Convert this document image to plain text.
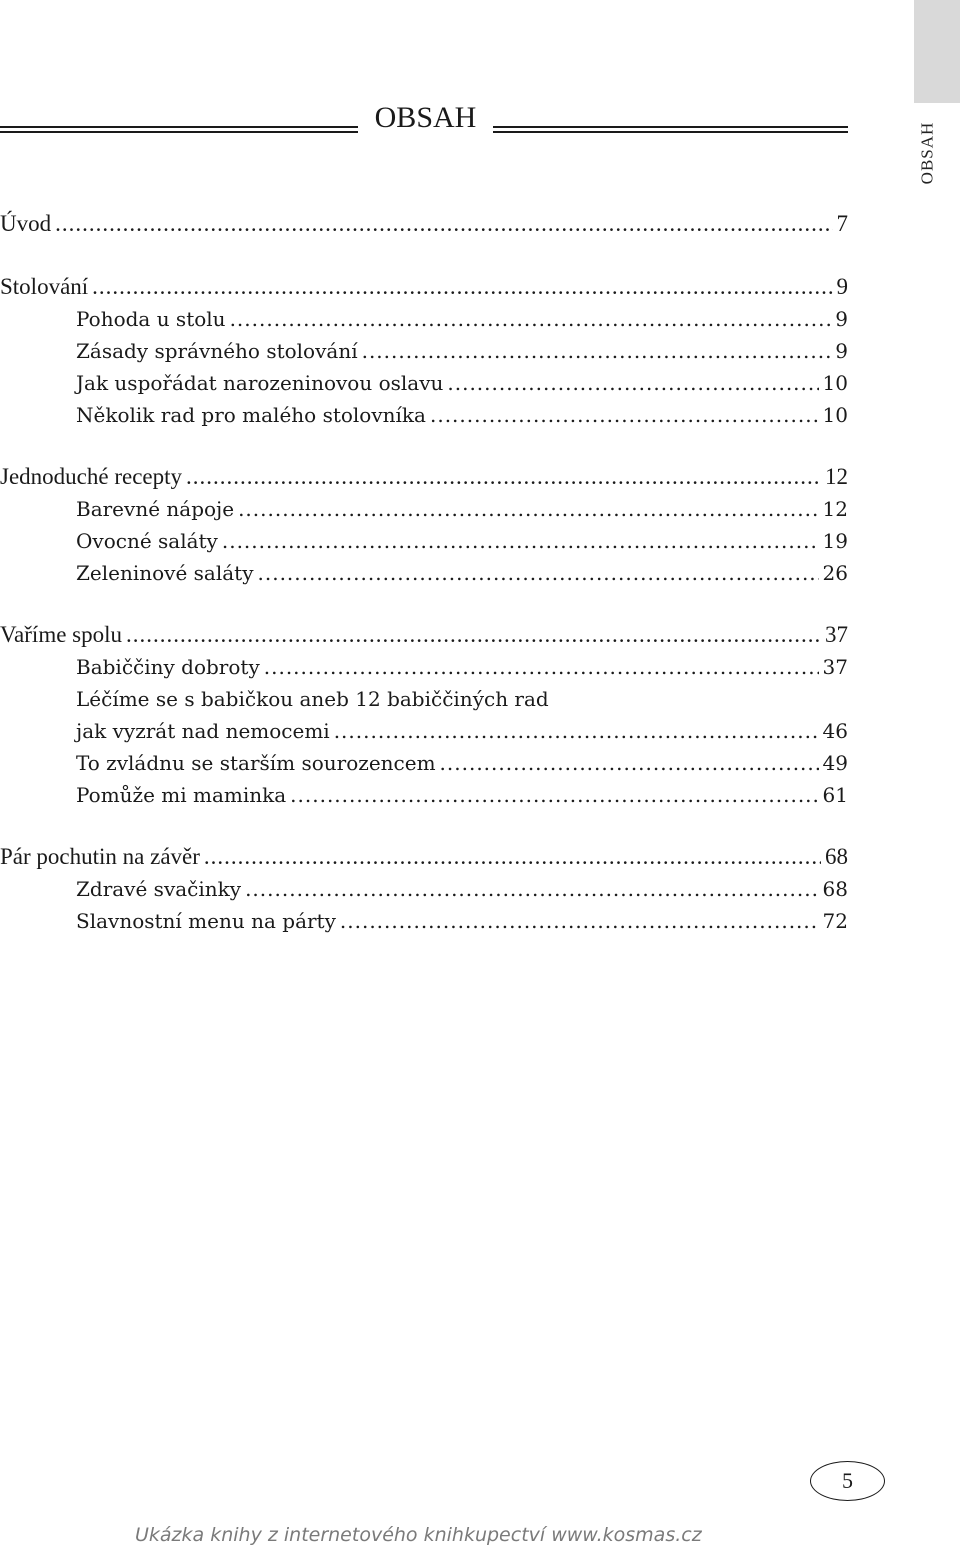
OBSAH
OBSAH
Úvod .....	7
Stolování .....	9
Pohoda u stolu .....	9
Zásady správného stolování .....	9
Jak uspořádat narozeninovou oslavu .....	10
Několik rad pro malého stolovníka .....	10
Jednoduché recepty .....	12
Barevné nápoje .....	12
Ovocné saláty .....	19
Zeleninové saláty .....	26
Vaříme spolu .....	37
Babiččiny dobroty .....	37
Léčíme se s babičkou aneb 12 babiččiných rad
jak vyzrát nad nemocemi .....	46
To zvládnu se starším sourozencem .....	49
Pomůže mi maminka .....	61
Pár pochutin na závěr .....	68
Zdravé svačinky .....	68
Slavnostní menu na párty .....	72
5
Ukázka knihy z internetového knihkupectví www.kosmas.cz
